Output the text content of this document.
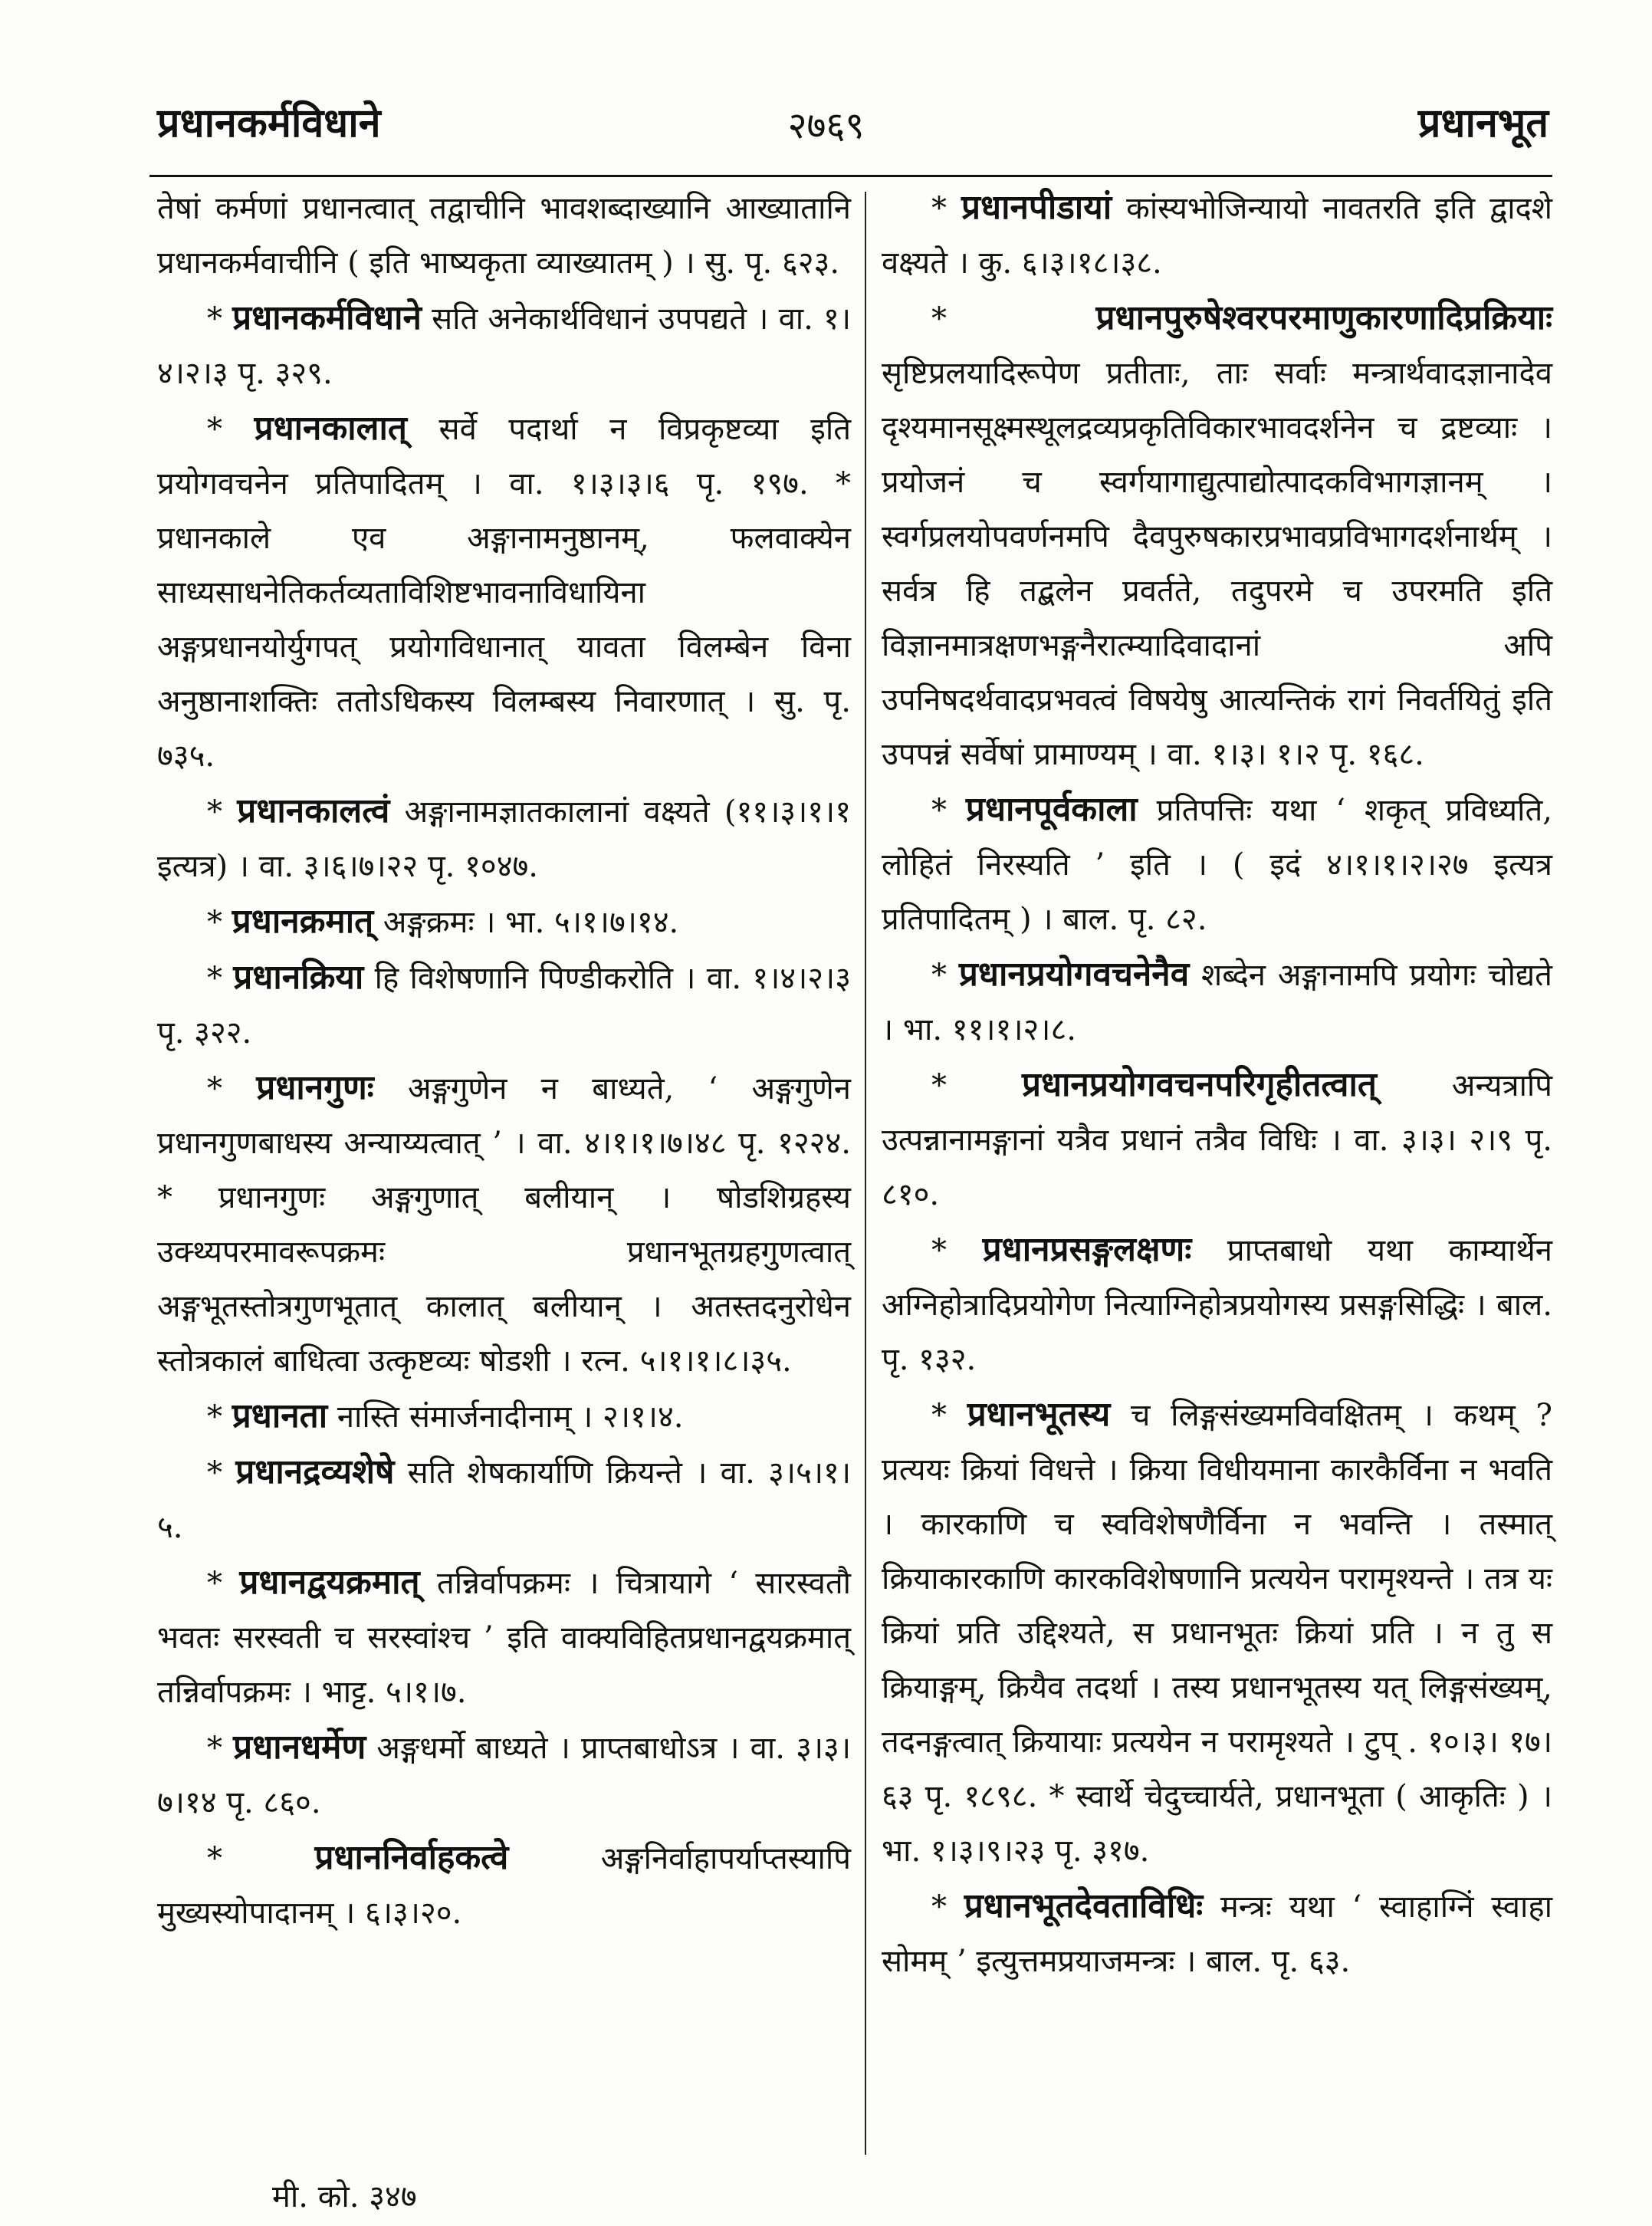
प्रधानकर्मविधाने	२७६९	प्रधानभूत

तेषां कर्मणां प्रधानत्वात् तद्वाचीनि भावशब्दाख्यानि आख्यातानि प्रधानकर्मवाचीनि ( इति भाष्यकृता व्याख्यातम् ) । सु. पृ. ६२३.

* प्रधानकर्मविधाने सति अनेकार्थविधानं उपपद्यते । वा. १।४।२।३ पृ. ३२९.

* प्रधानकालात् सर्वे पदार्था न विप्रकृष्टव्या इति प्रयोगवचनेन प्रतिपादितम् । वा. १।३।३।६ पृ. १९७. * प्रधानकाले एव अङ्गानामनुष्ठानम्, फलवाक्येन साध्यसाधनेतिकर्तव्यताविशिष्टभावनाविधायिना अङ्गप्रधानयोर्युगपत् प्रयोगविधानात् यावता विलम्बेन विना अनुष्ठानाशक्तिः ततोऽधिकस्य विलम्बस्य निवारणात् । सु. पृ. ७३५.

* प्रधानकालत्वं अङ्गानामज्ञातकालानां वक्ष्यते (११।३।१।१ इत्यत्र) । वा. ३।६।७।२२ पृ. १०४७.

* प्रधानक्रमात् अङ्गक्रमः । भा. ५।१।७।१४.

* प्रधानक्रिया हि विशेषणानि पिण्डीकरोति । वा. १।४।२।३ पृ. ३२२.

* प्रधानगुणः अङ्गगुणेन न बाध्यते, ‘ अङ्गगुणेन प्रधानगुणबाधस्य अन्याय्यत्वात् ’ । वा. ४।१।१।७।४८ पृ. १२२४. * प्रधानगुणः अङ्गगुणात् बलीयान् । षोडशिग्रहस्य उक्थ्यपरमावरूपक्रमः प्रधानभूतग्रहगुणत्वात् अङ्गभूतस्तोत्रगुणभूतात् कालात् बलीयान् । अतस्तदनुरोधेन स्तोत्रकालं बाधित्वा उत्कृष्टव्यः षोडशी । रत्न. ५।१।१।८।३५.

* प्रधानता नास्ति संमार्जनादीनाम् । २।१।४.

* प्रधानद्रव्यशेषे सति शेषकार्याणि क्रियन्ते । वा. ३।५।१।५.

* प्रधानद्वयक्रमात् तन्निर्वापक्रमः । चित्रायागे ‘ सारस्वतौ भवतः सरस्वती च सरस्वांश्च ’ इति वाक्यविहितप्रधानद्वयक्रमात् तन्निर्वापक्रमः । भाट्ट. ५।१।७.

* प्रधानधर्मेण अङ्गधर्मो बाध्यते । प्राप्तबाधोऽत्र । वा. ३।३।७।१४ पृ. ८६०.

* प्रधाननिर्वाहकत्वे अङ्गनिर्वाहापर्याप्तस्यापि मुख्यस्योपादानम् । ६।३।२०.

* प्रधानपीडायां कांस्यभोजिन्यायो नावतरति इति द्वादशे वक्ष्यते । कु. ६।३।१८।३८.

* प्रधानपुरुषेश्वरपरमाणुकारणादिप्रक्रियाः सृष्टिप्रलयादिरूपेण प्रतीताः, ताः सर्वाः मन्त्रार्थवादज्ञानादेव दृश्यमानसूक्ष्मस्थूलद्रव्यप्रकृतिविकारभावदर्शनेन च द्रष्टव्याः । प्रयोजनं च स्वर्गयागाद्युत्पाद्योत्पादकविभागज्ञानम् । स्वर्गप्रलयोपवर्णनमपि दैवपुरुषकारप्रभावप्रविभागदर्शनार्थम् । सर्वत्र हि तद्बलेन प्रवर्तते, तदुपरमे च उपरमति इति विज्ञानमात्रक्षणभङ्गनैरात्म्यादिवादानां अपि उपनिषदर्थवादप्रभवत्वं विषयेषु आत्यन्तिकं रागं निवर्तयितुं इति उपपन्नं सर्वेषां प्रामाण्यम् । वा. १।३। १।२ पृ. १६८.

* प्रधानपूर्वकाला प्रतिपत्तिः यथा ‘ शकृत् प्रविध्यति, लोहितं निरस्यति ’ इति । ( इदं ४।१।१।२।२७ इत्यत्र प्रतिपादितम् ) । बाल. पृ. ८२.

* प्रधानप्रयोगवचनेनैव शब्देन अङ्गानामपि प्रयोगः चोद्यते । भा. ११।१।२।८.

* प्रधानप्रयोगवचनपरिगृहीतत्वात् अन्यत्रापि उत्पन्नानामङ्गानां यत्रैव प्रधानं तत्रैव विधिः । वा. ३।३। २।९ पृ. ८१०.

* प्रधानप्रसङ्गलक्षणः प्राप्तबाधो यथा काम्यार्थेन अग्निहोत्रादिप्रयोगेण नित्याग्निहोत्रप्रयोगस्य प्रसङ्गसिद्धिः । बाल. पृ. १३२.

* प्रधानभूतस्य च लिङ्गसंख्यमविवक्षितम् । कथम् ? प्रत्ययः क्रियां विधत्ते । क्रिया विधीयमाना कारकैर्विना न भवति । कारकाणि च स्वविशेषणैर्विना न भवन्ति । तस्मात् क्रियाकारकाणि कारकविशेषणानि प्रत्ययेन परामृश्यन्ते । तत्र यः क्रियां प्रति उद्दिश्यते, स प्रधानभूतः क्रियां प्रति । न तु स क्रियाङ्गम्, क्रियैव तदर्था । तस्य प्रधानभूतस्य यत् लिङ्गसंख्यम्, तदनङ्गत्वात् क्रियायाः प्रत्ययेन न परामृश्यते । टुप् . १०।३। १७।६३ पृ. १८९८. * स्वार्थे चेदुच्चार्यते, प्रधानभूता ( आकृतिः ) । भा. १।३।९।२३ पृ. ३१७.

* प्रधानभूतदेवताविधिः मन्त्रः यथा ‘ स्वाहाग्निं स्वाहा सोमम् ’ इत्युत्तमप्रयाजमन्त्रः । बाल. पृ. ६३.

मी. को. ३४७
